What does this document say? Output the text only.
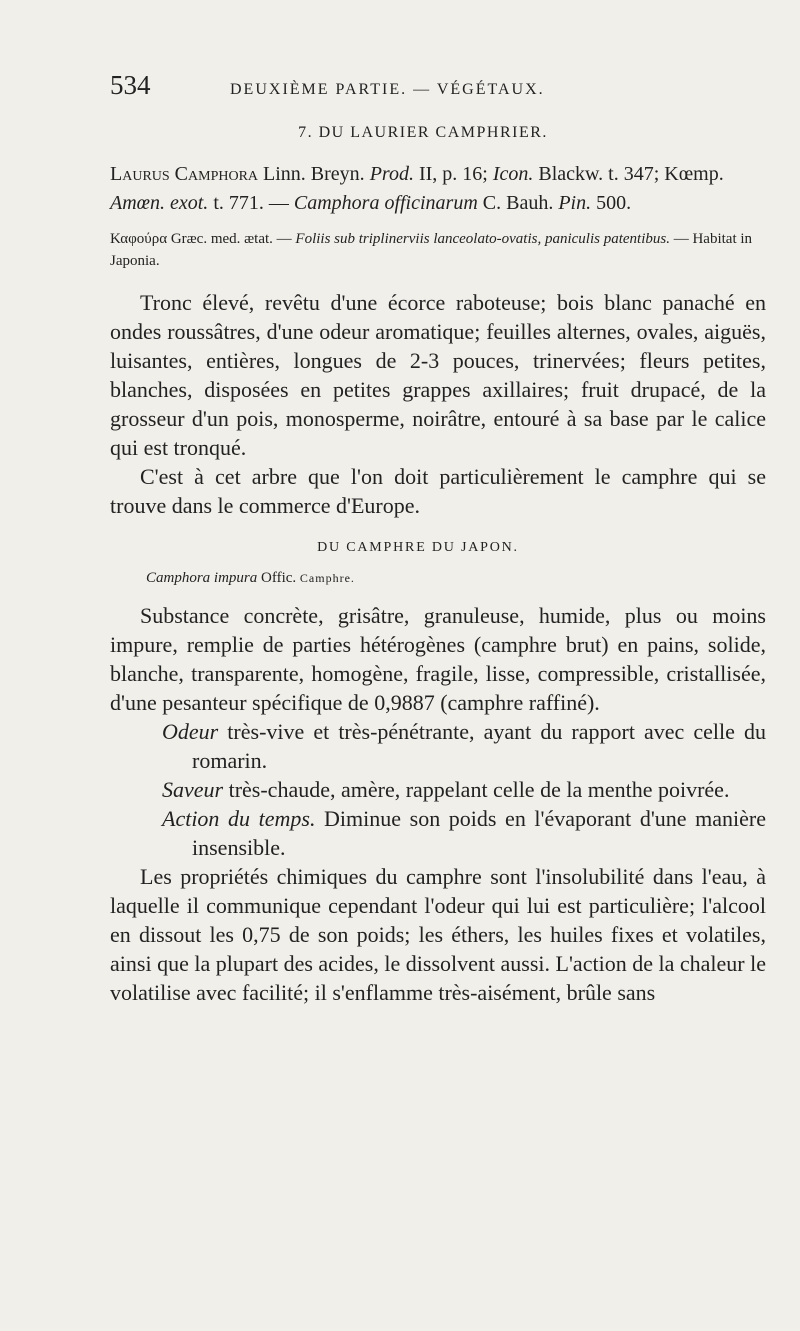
534	DEUXIÈME PARTIE. — VÉGÉTAUX.
7. DU LAURIER CAMPHRIER.
Laurus Camphora Linn. Breyn. Prod. II, p. 16; Icon. Blackw. t. 347; Kœmp. Amœn. exot. t. 771. — Camphora officinarum C. Bauh. Pin. 500.
Καφούρα Græc. med. ætat. — Foliis sub triplinerviis lanceolato-ovatis, paniculis patentibus. — Habitat in Japonia.

Tronc élevé, revêtu d'une écorce raboteuse; bois blanc panaché en ondes roussâtres, d'une odeur aromatique; feuilles alternes, ovales, aiguës, luisantes, entières, longues de 2-3 pouces, trinervées; fleurs petites, blanches, disposées en petites grappes axillaires; fruit drupacé, de la grosseur d'un pois, monosperme, noirâtre, entouré à sa base par le calice qui est tronqué.

C'est à cet arbre que l'on doit particulièrement le camphre qui se trouve dans le commerce d'Europe.

DU CAMPHRE DU JAPON.
Camphora impura Offic. Camphre.

Substance concrète, grisâtre, granuleuse, humide, plus ou moins impure, remplie de parties hétérogènes (camphre brut) en pains, solide, blanche, transparente, homogène, fragile, lisse, compressible, cristallisée, d'une pesanteur spécifique de 0,9887 (camphre raffiné).

Odeur très-vive et très-pénétrante, ayant du rapport avec celle du romarin.

Saveur très-chaude, amère, rappelant celle de la menthe poivrée.

Action du temps. Diminue son poids en l'évaporant d'une manière insensible.

Les propriétés chimiques du camphre sont l'insolubilité dans l'eau, à laquelle il communique cependant l'odeur qui lui est particulière; l'alcool en dissout les 0,75 de son poids; les éthers, les huiles fixes et volatiles, ainsi que la plupart des acides, le dissolvent aussi. L'action de la chaleur le volatilise avec facilité; il s'enflamme très-aisément, brûle sans
